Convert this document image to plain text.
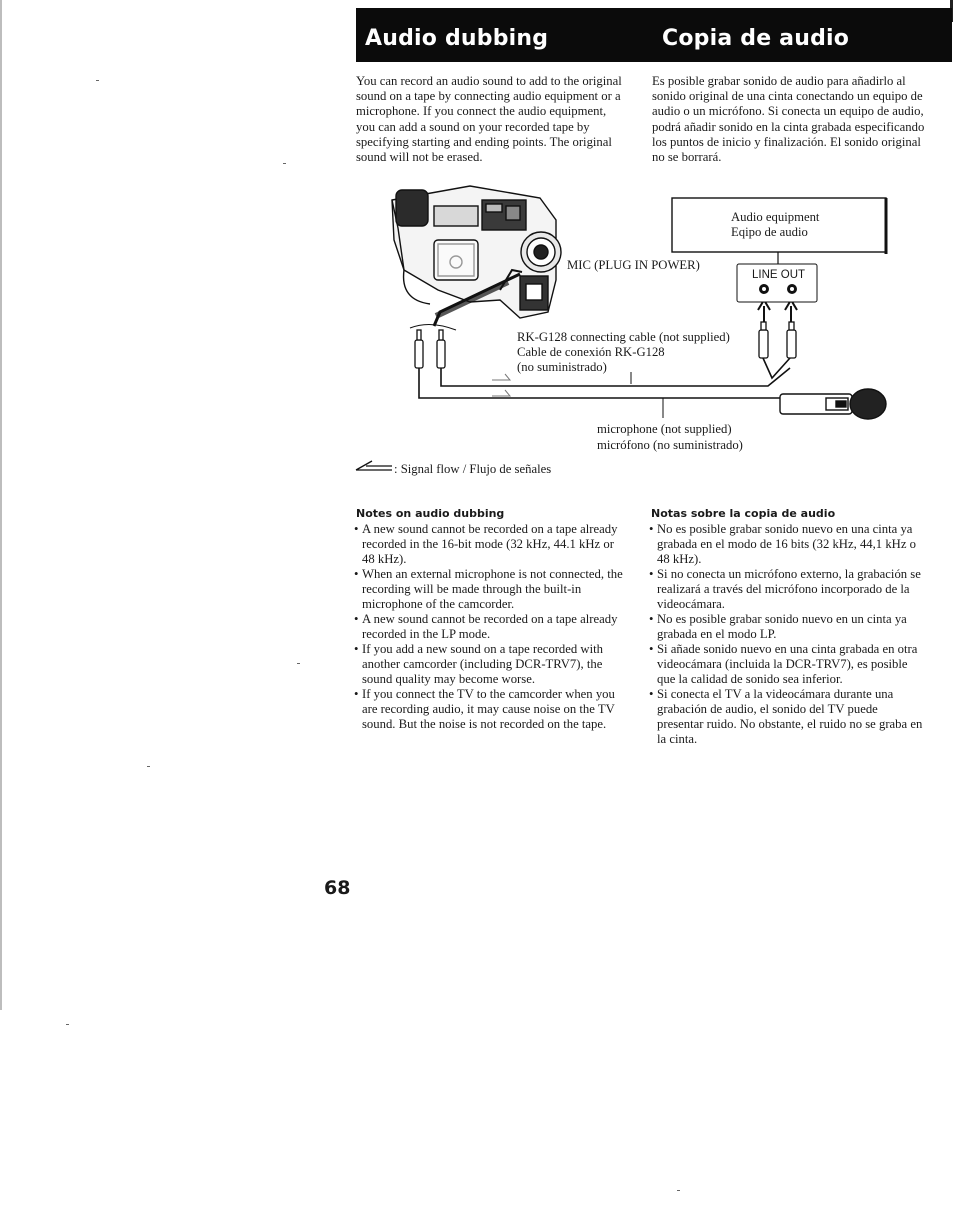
Audio dubbing	Copia de audio

You can record an audio sound to add to the original sound on a tape by connecting audio equipment or a microphone. If you connect the audio equipment, you can add a sound on your recorded tape by specifying starting and ending points. The original sound will not be erased.

Es posible grabar sonido de audio para añadirlo al sonido original de una cinta conectando un equipo de audio o un micrófono. Si conecta un equipo de audio, podrá añadir sonido en la cinta grabada especificando los puntos de inicio y finalización. El sonido original no se borrará.

Audio equipment
Eqipo de audio
MIC (PLUG IN POWER)
LINE OUT
RK-G128 connecting cable (not supplied)
Cable de conexión RK-G128
(no suministrado)
microphone (not supplied)
micrófono (no suministrado)
: Signal flow / Flujo de señales
Notes on audio dubbing
• A new sound cannot be recorded on a tape already recorded in the 16-bit mode (32 kHz, 44.1 kHz or 48 kHz).
• When an external microphone is not connected, the recording will be made through the built-in microphone of the camcorder.
• A new sound cannot be recorded on a tape already recorded in the LP mode.
• If you add a new sound on a tape recorded with another camcorder (including DCR-TRV7), the sound quality may become worse.
• If you connect the TV to the camcorder when you are recording audio, it may cause noise on the TV sound. But the noise is not recorded on the tape.
Notas sobre la copia de audio
• No es posible grabar sonido nuevo en una cinta ya grabada en el modo de 16 bits (32 kHz, 44,1 kHz o 48 kHz).
• Si no conecta un micrófono externo, la grabación se realizará a través del micrófono incorporado de la videocámara.
• No es posible grabar sonido nuevo en un cinta ya grabada en el modo LP.
• Si añade sonido nuevo en una cinta grabada en otra videocámara (incluida la DCR-TRV7), es posible que la calidad de sonido sea inferior.
• Si conecta el TV a la videocámara durante una grabación de audio, el sonido del TV puede presentar ruido. No obstante, el ruido no se graba en la cinta.
68
